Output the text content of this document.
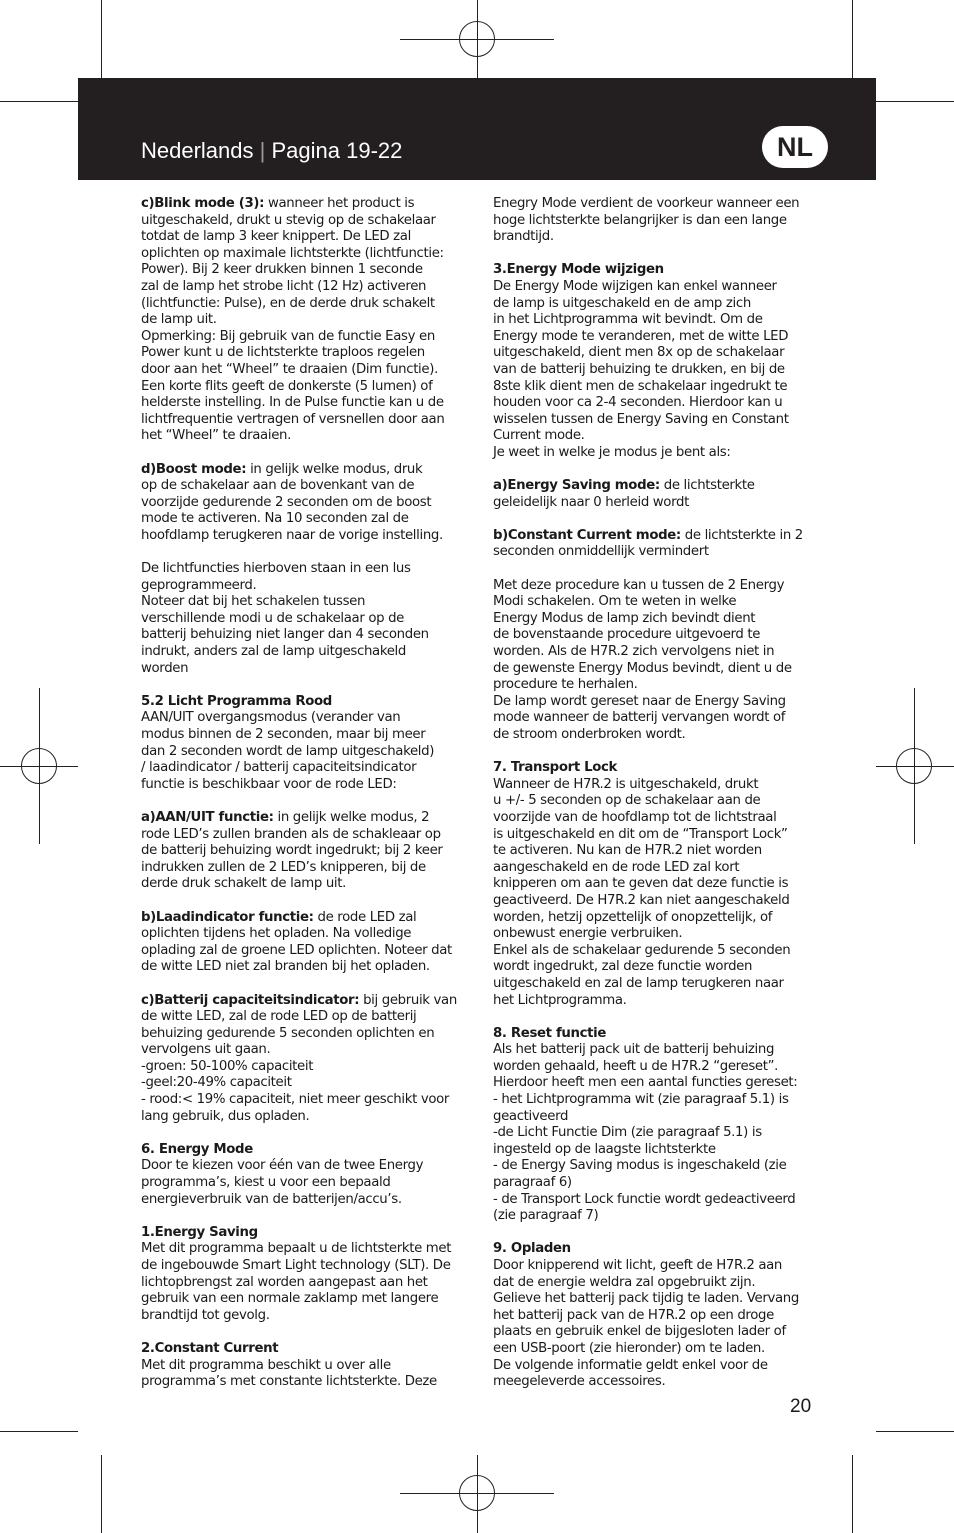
Nederlands | Pagina 19-22	NL

c)Blink mode (3): wanneer het product is
uitgeschakeld, drukt u stevig op de schakelaar
totdat de lamp 3 keer knippert. De LED zal
oplichten op maximale lichtsterkte (lichtfunctie:
Power). Bij 2 keer drukken binnen 1 seconde
zal de lamp het strobe licht (12 Hz) activeren
(lichtfunctie: Pulse), en de derde druk schakelt
de lamp uit.
Opmerking: Bij gebruik van de functie Easy en
Power kunt u de lichtsterkte traploos regelen
door aan het “Wheel” te draaien (Dim functie).
Een korte flits geeft de donkerste (5 lumen) of
helderste instelling. In de Pulse functie kan u de
lichtfrequentie vertragen of versnellen door aan
het “Wheel” te draaien.

d)Boost mode: in gelijk welke modus, druk
op de schakelaar aan de bovenkant van de
voorzijde gedurende 2 seconden om de boost
mode te activeren. Na 10 seconden zal de
hoofdlamp terugkeren naar de vorige instelling.

De lichtfuncties hierboven staan in een lus
geprogrammeerd.
Noteer dat bij het schakelen tussen
verschillende modi u de schakelaar op de
batterij behuizing niet langer dan 4 seconden
indrukt, anders zal de lamp uitgeschakeld
worden

5.2 Licht Programma Rood
AAN/UIT overgangsmodus (verander van
modus binnen de 2 seconden, maar bij meer
dan 2 seconden wordt de lamp uitgeschakeld)
/ laadindicator / batterij capaciteitsindicator
functie is beschikbaar voor de rode LED:

a)AAN/UIT functie: in gelijk welke modus, 2
rode LED’s zullen branden als de schakleaar op
de batterij behuizing wordt ingedrukt; bij 2 keer
indrukken zullen de 2 LED’s knipperen, bij de
derde druk schakelt de lamp uit.

b)Laadindicator functie: de rode LED zal
oplichten tijdens het opladen. Na volledige
oplading zal de groene LED oplichten. Noteer dat
de witte LED niet zal branden bij het opladen.

c)Batterij capaciteitsindicator: bij gebruik van
de witte LED, zal de rode LED op de batterij
behuizing gedurende 5 seconden oplichten en
vervolgens uit gaan.
-groen: 50-100% capaciteit
-geel:20-49% capaciteit
- rood:< 19% capaciteit, niet meer geschikt voor
lang gebruik, dus opladen.

6. Energy Mode
Door te kiezen voor één van de twee Energy
programma’s, kiest u voor een bepaald
energieverbruik van de batterijen/accu’s.

1.Energy Saving
Met dit programma bepaalt u de lichtsterkte met
de ingebouwde Smart Light technology (SLT). De
lichtopbrengst zal worden aangepast aan het
gebruik van een normale zaklamp met langere
brandtijd tot gevolg.

2.Constant Current
Met dit programma beschikt u over alle
programma’s met constante lichtsterkte. Deze

Enegry Mode verdient de voorkeur wanneer een
hoge lichtsterkte belangrijker is dan een lange
brandtijd.

3.Energy Mode wijzigen
De Energy Mode wijzigen kan enkel wanneer
de lamp is uitgeschakeld en de amp zich
in het Lichtprogramma wit bevindt. Om de
Energy mode te veranderen, met de witte LED
uitgeschakeld, dient men 8x op de schakelaar
van de batterij behuizing te drukken, en bij de
8ste klik dient men de schakelaar ingedrukt te
houden voor ca 2-4 seconden. Hierdoor kan u
wisselen tussen de Energy Saving en Constant
Current mode.
Je weet in welke je modus je bent als:

a)Energy Saving mode: de lichtsterkte
geleidelijk naar 0 herleid wordt

b)Constant Current mode: de lichtsterkte in 2
seconden onmiddellijk vermindert

Met deze procedure kan u tussen de 2 Energy
Modi schakelen. Om te weten in welke
Energy Modus de lamp zich bevindt dient
de bovenstaande procedure uitgevoerd te
worden. Als de H7R.2 zich vervolgens niet in
de gewenste Energy Modus bevindt, dient u de
procedure te herhalen.
De lamp wordt gereset naar de Energy Saving
mode wanneer de batterij vervangen wordt of
de stroom onderbroken wordt.

7. Transport Lock
Wanneer de H7R.2 is uitgeschakeld, drukt
u +/- 5 seconden op de schakelaar aan de
voorzijde van de hoofdlamp tot de lichtstraal
is uitgeschakeld en dit om de “Transport Lock”
te activeren. Nu kan de H7R.2 niet worden
aangeschakeld en de rode LED zal kort
knipperen om aan te geven dat deze functie is
geactiveerd. De H7R.2 kan niet aangeschakeld
worden, hetzij opzettelijk of onopzettelijk, of
onbewust energie verbruiken.
Enkel als de schakelaar gedurende 5 seconden
wordt ingedrukt, zal deze functie worden
uitgeschakeld en zal de lamp terugkeren naar
het Lichtprogramma.

8. Reset functie
Als het batterij pack uit de batterij behuizing
worden gehaald, heeft u de H7R.2 “gereset”.
Hierdoor heeft men een aantal functies gereset:
- het Lichtprogramma wit (zie paragraaf 5.1) is
geactiveerd
-de Licht Functie Dim (zie paragraaf 5.1) is
ingesteld op de laagste lichtsterkte
- de Energy Saving modus is ingeschakeld (zie
paragraaf 6)
- de Transport Lock functie wordt gedeactiveerd
(zie paragraaf 7)

9. Opladen
Door knipperend wit licht, geeft de H7R.2 aan
dat de energie weldra zal opgebruikt zijn.
Gelieve het batterij pack tijdig te laden. Vervang
het batterij pack van de H7R.2 op een droge
plaats en gebruik enkel de bijgesloten lader of
een USB-poort (zie hieronder) om te laden.
De volgende informatie geldt enkel voor de
meegeleverde accessoires.

20
